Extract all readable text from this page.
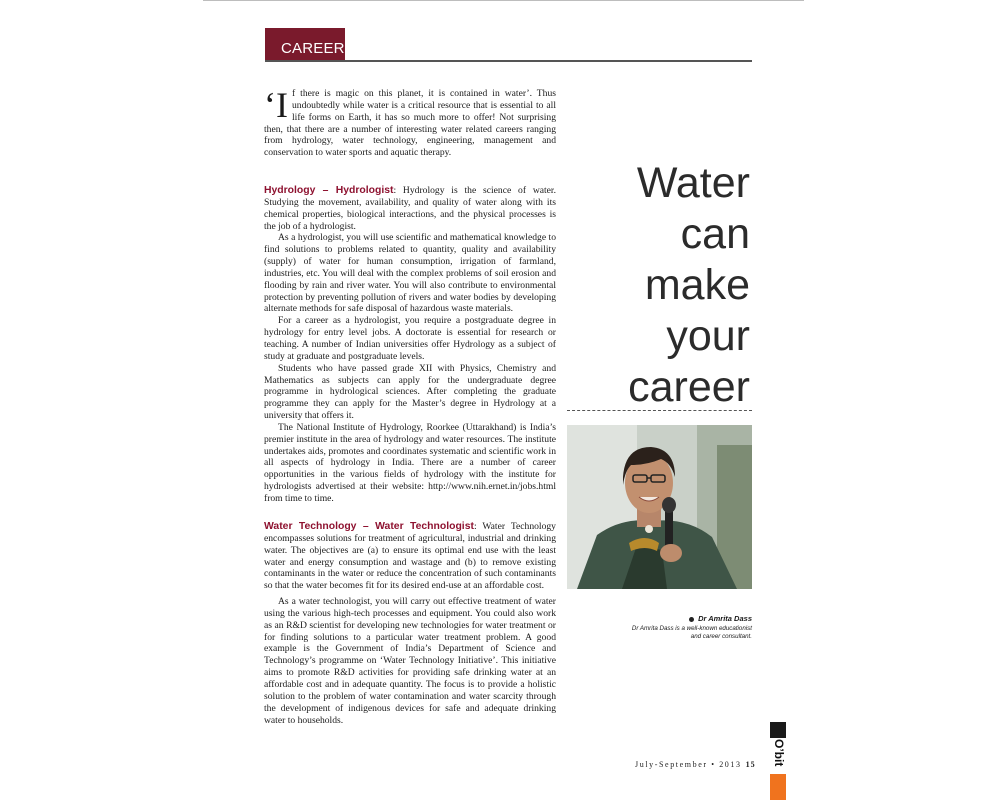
CAREER

‘If there is magic on this planet, it is contained in water’. Thus undoubtedly while water is a critical resource that is essential to all life forms on Earth, it has so much more to offer! Not surprising then, that there are a number of interesting water related careers ranging from hydrology, water technology, engineering, management and conservation to water sports and aquatic therapy.

Hydrology – Hydrologist: Hydrology is the science of water. Studying the movement, availability, and quality of water along with its chemical properties, biological interactions, and the physical processes is the job of a hydrologist.

As a hydrologist, you will use scientific and mathematical knowledge to find solutions to problems related to quantity, quality and availability (supply) of water for human consumption, irrigation of farmland, industries, etc. You will deal with the complex problems of soil erosion and flooding by rain and river water. You will also contribute to environmental protection by preventing pollution of rivers and water bodies by developing alternate methods for safe disposal of hazardous waste materials.

For a career as a hydrologist, you require a postgraduate degree in hydrology for entry level jobs. A doctorate is essential for research or teaching. A number of Indian universities offer Hydrology as a subject of study at graduate and postgraduate levels.

Students who have passed grade XII with Physics, Chemistry and Mathematics as subjects can apply for the undergraduate degree programme in hydrological sciences. After completing the graduate programme they can apply for the Master’s degree in Hydrology at a university that offers it.

The National Institute of Hydrology, Roorkee (Uttarakhand) is India’s premier institute in the area of hydrology and water resources. The institute undertakes aids, promotes and coordinates systematic and scientific work in all aspects of hydrology in India. There are a number of career opportunities in the various fields of hydrology with the institute for hydrologists advertised at their website: http://www.nih.ernet.in/jobs.html from time to time.

Water Technology – Water Technologist: Water Technology encompasses solutions for treatment of agricultural, industrial and drinking water. The objectives are (a) to ensure its optimal end use with the least water and energy consumption and wastage and (b) to remove existing contaminants in the water or reduce the concentration of such contaminants so that the water becomes fit for its desired end-use at an affordable cost.

As a water technologist, you will carry out effective treatment of water using the various high-tech processes and equipment. You could also work as an R&D scientist for developing new technologies for water treatment or for finding solutions to a particular water treatment problem. A good example is the Government of India’s Department of Science and Technology’s programme on ‘Water Technology Initiative’. This initiative aims to promote R&D activities for providing safe drinking water at an affordable cost and in adequate quantity. The focus is to provide a holistic solution to the problem of water contamination and water scarcity through the development of indigenous devices for safe and adequate drinking water to households.

Water
can
make
your
career
Dr Amrita Dass
Dr Amrita Dass is a well-known educationist and career consultant.
July-September • 2013 15 O’bit
